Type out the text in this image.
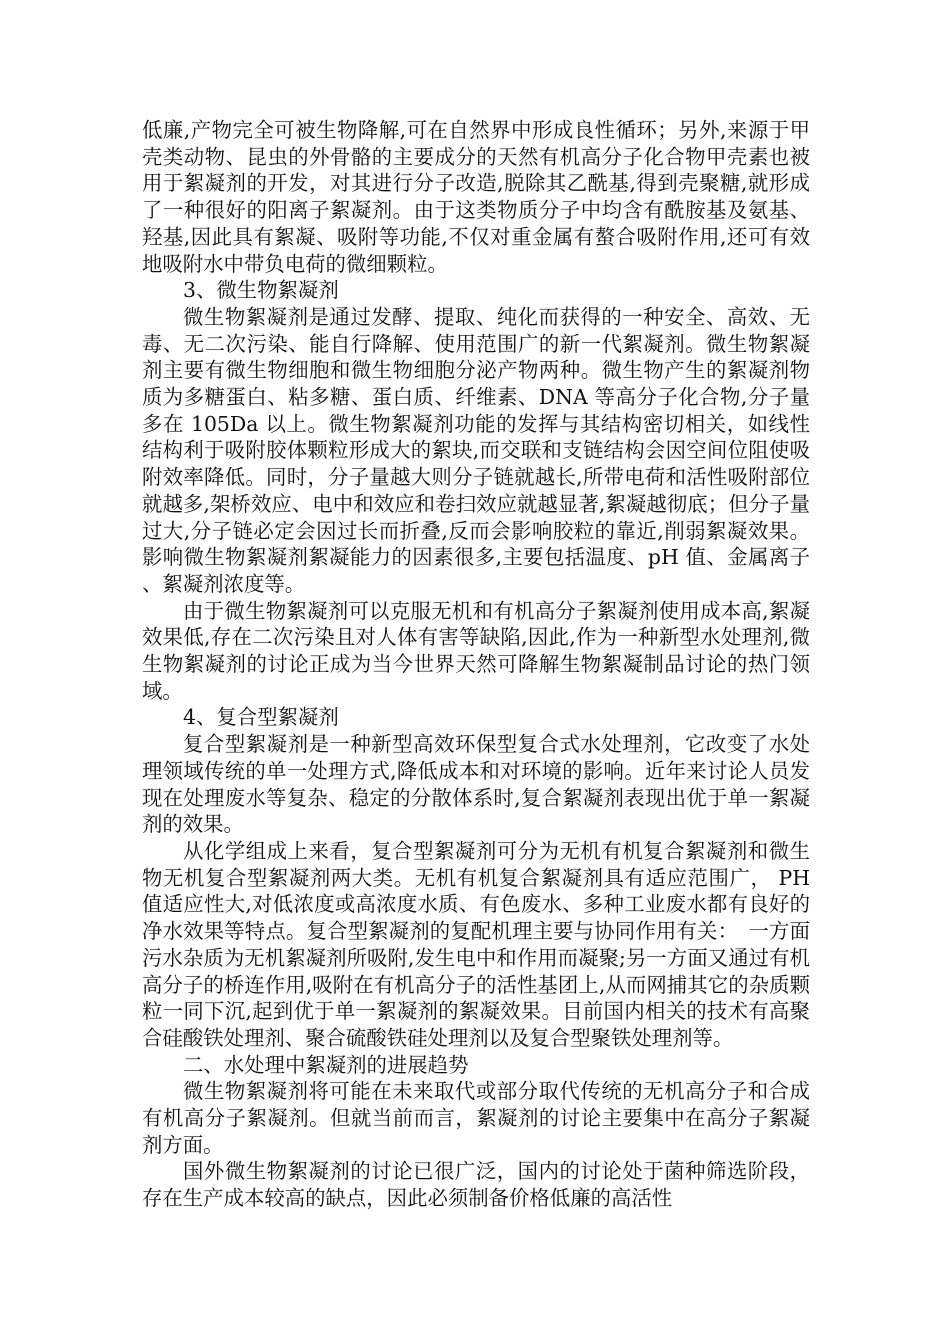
低廉,产物完全可被生物降解,可在自然界中形成良性循环；另外,来源于甲壳类动物、昆虫的外骨骼的主要成分的天然有机高分子化合物甲壳素也被用于絮凝剂的开发，对其进行分子改造,脱除其乙酰基,得到壳聚糖,就形成了一种很好的阳离子絮凝剂。由于这类物质分子中均含有酰胺基及氨基、羟基,因此具有絮凝、吸附等功能,不仅对重金属有螯合吸附作用,还可有效地吸附水中带负电荷的微细颗粒。

3、微生物絮凝剂

微生物絮凝剂是通过发酵、提取、纯化而获得的一种安全、高效、无毒、无二次污染、能自行降解、使用范围广的新一代絮凝剂。微生物絮凝剂主要有微生物细胞和微生物细胞分泌产物两种。微生物产生的絮凝剂物质为多糖蛋白、粘多糖、蛋白质、纤维素、DNA 等高分子化合物,分子量多在 105Da 以上。微生物絮凝剂功能的发挥与其结构密切相关，如线性结构利于吸附胶体颗粒形成大的絮块,而交联和支链结构会因空间位阻使吸附效率降低。同时，分子量越大则分子链就越长,所带电荷和活性吸附部位就越多,架桥效应、电中和效应和卷扫效应就越显著,絮凝越彻底；但分子量过大,分子链必定会因过长而折叠,反而会影响胶粒的靠近,削弱絮凝效果。影响微生物絮凝剂絮凝能力的因素很多,主要包括温度、pH 值、金属离子、絮凝剂浓度等。

由于微生物絮凝剂可以克服无机和有机高分子絮凝剂使用成本高,絮凝效果低,存在二次污染且对人体有害等缺陷,因此,作为一种新型水处理剂,微生物絮凝剂的讨论正成为当今世界天然可降解生物絮凝制品讨论的热门领域。

4、复合型絮凝剂

复合型絮凝剂是一种新型高效环保型复合式水处理剂，它改变了水处理领域传统的单一处理方式,降低成本和对环境的影响。近年来讨论人员发现在处理废水等复杂、稳定的分散体系时,复合絮凝剂表现出优于单一絮凝剂的效果。

从化学组成上来看，复合型絮凝剂可分为无机有机复合絮凝剂和微生物无机复合型絮凝剂两大类。无机有机复合絮凝剂具有适应范围广， PH 值适应性大,对低浓度或高浓度水质、有色废水、多种工业废水都有良好的净水效果等特点。复合型絮凝剂的复配机理主要与协同作用有关：　一方面污水杂质为无机絮凝剂所吸附,发生电中和作用而凝聚;另一方面又通过有机高分子的桥连作用,吸附在有机高分子的活性基团上,从而网捕其它的杂质颗粒一同下沉,起到优于单一絮凝剂的絮凝效果。目前国内相关的技术有高聚合硅酸铁处理剂、聚合硫酸铁硅处理剂以及复合型聚铁处理剂等。

二、水处理中絮凝剂的进展趋势

微生物絮凝剂将可能在未来取代或部分取代传统的无机高分子和合成有机高分子絮凝剂。但就当前而言，絮凝剂的讨论主要集中在高分子絮凝剂方面。

国外微生物絮凝剂的讨论已很广泛，国内的讨论处于菌种筛选阶段，存在生产成本较高的缺点，因此必须制备价格低廉的高活性
